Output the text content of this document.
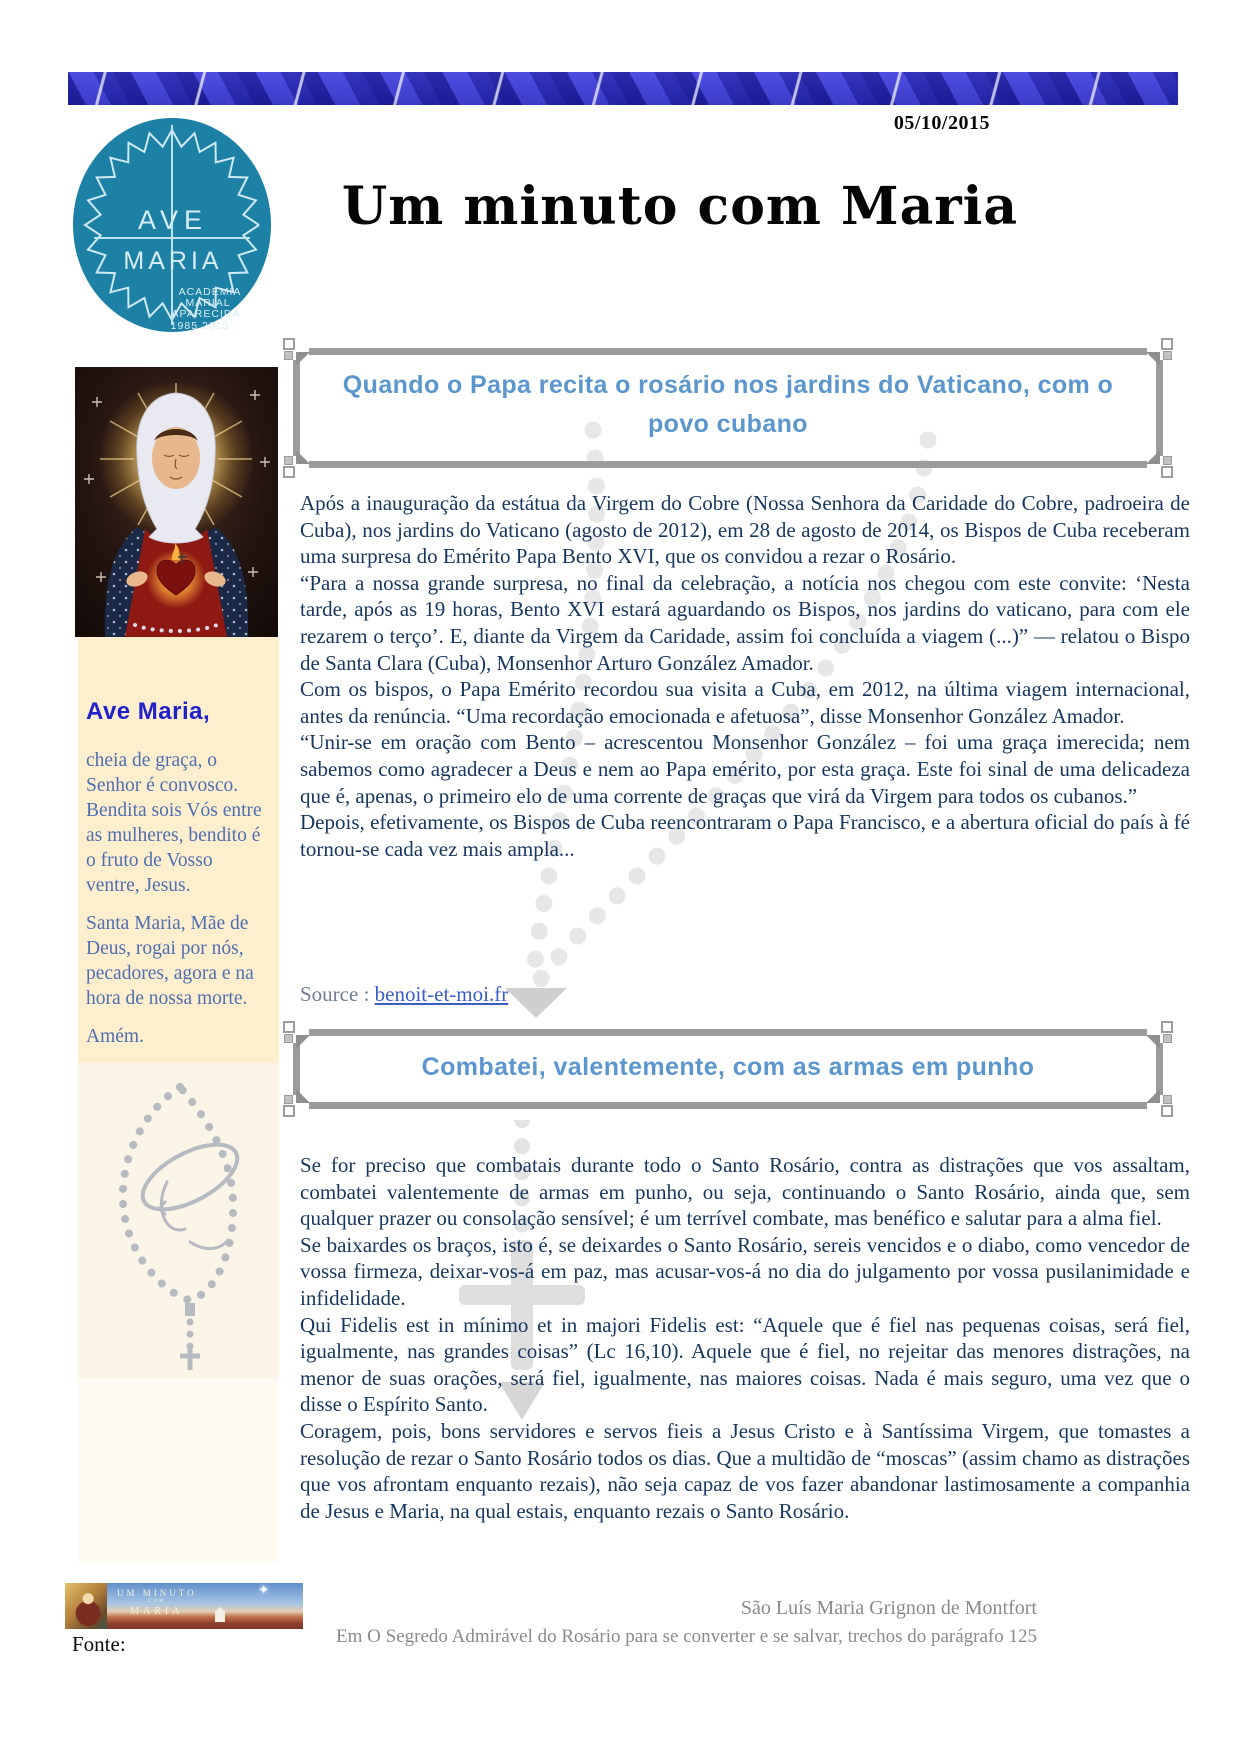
05/10/2015
AVE
MARIA
ACADEMIA
MARIAL
APARECIDA
1985 2015
Um minuto com Maria
Ave Maria,

cheia de graça, o Senhor é convosco. Bendita sois Vós entre as mulheres, bendito é o fruto de Vosso ventre, Jesus.

Santa Maria, Mãe de Deus, rogai por nós, pecadores, agora e na hora de nossa morte.

Amém.

Quando o Papa recita o rosário nos jardins do Vaticano, com o povo cubano

Após a inauguração da estátua da Virgem do Cobre (Nossa Senhora da Caridade do Cobre, padroeira de Cuba), nos jardins do Vaticano (agosto de 2012), em 28 de agosto de 2014, os Bispos de Cuba receberam uma surpresa do Emérito Papa Bento XVI, que os convidou a rezar o Rosário.

“Para a nossa grande surpresa, no final da celebração, a notícia nos chegou com este convite: ‘Nesta tarde, após as 19 horas, Bento XVI estará aguardando os Bispos, nos jardins do vaticano, para com ele rezarem o terço’. E, diante da Virgem da Caridade, assim foi concluída a viagem (...)” — relatou o Bispo de Santa Clara (Cuba), Monsenhor Arturo González Amador.

Com os bispos, o Papa Emérito recordou sua visita a Cuba, em 2012, na última viagem internacional, antes da renúncia. “Uma recordação emocionada e afetuosa”, disse Monsenhor González Amador.

“Unir-se em oração com Bento – acrescentou Monsenhor González – foi uma graça imerecida; nem sabemos como agradecer a Deus e nem ao Papa emérito, por esta graça. Este foi sinal de uma delicadeza que é, apenas, o primeiro elo de uma corrente de graças que virá da Virgem para todos os cubanos.”

Depois, efetivamente, os Bispos de Cuba reencontraram o Papa Francisco, e a abertura oficial do país à fé tornou-se cada vez mais ampla...

Source : benoit-et-moi.fr
Combatei, valentemente, com as armas em punho

Se for preciso que combatais durante todo o Santo Rosário, contra as distrações que vos assaltam, combatei valentemente de armas em punho, ou seja, continuando o Santo Rosário, ainda que, sem qualquer prazer ou consolação sensível; é um terrível combate, mas benéfico e salutar para a alma fiel.

Se baixardes os braços, isto é, se deixardes o Santo Rosário, sereis vencidos e o diabo, como vencedor de vossa firmeza, deixar-vos-á em paz, mas acusar-vos-á no dia do julgamento por vossa pusilanimidade e infidelidade.

Qui Fidelis est in mínimo et in majori Fidelis est: “Aquele que é fiel nas pequenas coisas, será fiel, igualmente, nas grandes coisas” (Lc 16,10). Aquele que é fiel, no rejeitar das menores distrações, na menor de suas orações, será fiel, igualmente, nas maiores coisas. Nada é mais seguro, uma vez que o disse o Espírito Santo.

Coragem, pois, bons servidores e servos fieis a Jesus Cristo e à Santíssima Virgem, que tomastes a resolução de rezar o Santo Rosário todos os dias. Que a multidão de “moscas” (assim chamo as distrações que vos afrontam enquanto rezais), não seja capaz de vos fazer abandonar lastimosamente a companhia de Jesus e Maria, na qual estais, enquanto rezais o Santo Rosário.

UM MINUTO
COM
MARIA
✦
Fonte:

São Luís Maria Grignon de Montfort

Em O Segredo Admirável do Rosário para se converter e se salvar, trechos do parágrafo 125
